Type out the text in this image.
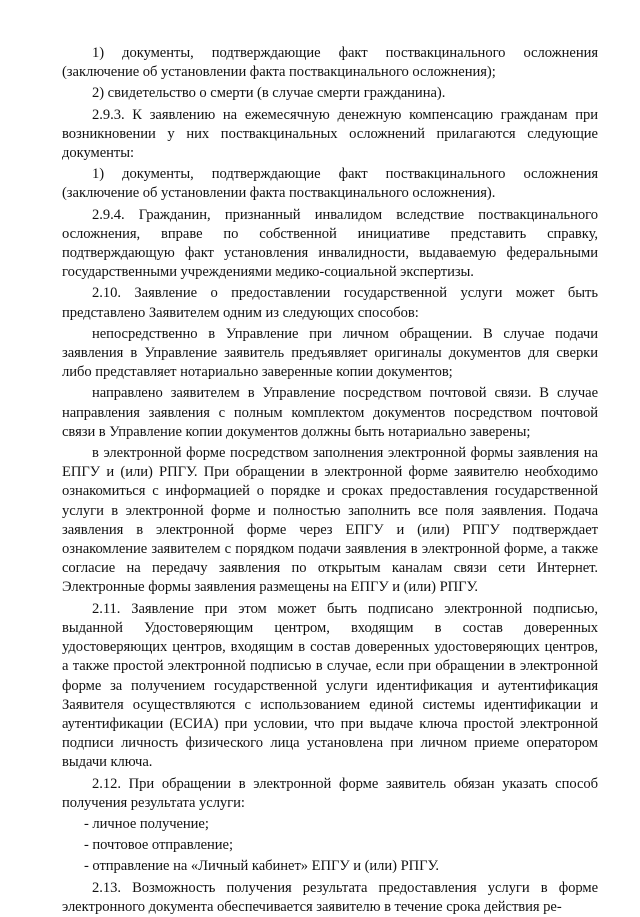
1) документы, подтверждающие факт поствакцинального осложнения (заключение об установлении факта поствакцинального осложнения);

2) свидетельство о смерти (в случае смерти гражданина).

2.9.3. К заявлению на ежемесячную денежную компенсацию гражданам при возникновении у них поствакцинальных осложнений прилагаются следующие документы:

1) документы, подтверждающие факт поствакцинального осложнения (заключение об установлении факта поствакцинального осложнения).

2.9.4. Гражданин, признанный инвалидом вследствие поствакцинального осложнения, вправе по собственной инициативе представить справку, подтверждающую факт установления инвалидности, выдаваемую федеральными государственными учреждениями медико-социальной экспертизы.

2.10. Заявление о предоставлении государственной услуги может быть представлено Заявителем одним из следующих способов:

непосредственно в Управление при личном обращении. В случае подачи заявления в Управление заявитель предъявляет оригиналы документов для сверки либо представляет нотариально заверенные копии документов;

направлено заявителем в Управление посредством почтовой связи. В случае направления заявления с полным комплектом документов посредством почтовой связи в Управление копии документов должны быть нотариально заверены;

в электронной форме посредством заполнения электронной формы заявления на ЕПГУ и (или) РПГУ. При обращении в электронной форме заявителю необходимо ознакомиться с информацией о порядке и сроках предоставления государственной услуги в электронной форме и полностью заполнить все поля заявления. Подача заявления в электронной форме через ЕПГУ и (или) РПГУ подтверждает ознакомление заявителем с порядком подачи заявления в электронной форме, а также согласие на передачу заявления по открытым каналам связи сети Интернет. Электронные формы заявления размещены на ЕПГУ и (или) РПГУ.

2.11. Заявление при этом может быть подписано электронной подписью, выданной Удостоверяющим центром, входящим в состав доверенных удостоверяющих центров, входящим в состав доверенных удостоверяющих центров, а также простой электронной подписью в случае, если при обращении в электронной форме за получением государственной услуги идентификация и аутентификация Заявителя осуществляются с использованием единой системы идентификации и аутентификации (ЕСИА) при условии, что при выдаче ключа простой электронной подписи личность физического лица установлена при личном приеме оператором выдачи ключа.

2.12. При обращении в электронной форме заявитель обязан указать способ получения результата услуги:

- личное получение;

- почтовое отправление;

- отправление на «Личный кабинет» ЕПГУ и (или) РПГУ.

2.13. Возможность получения результата предоставления услуги в форме электронного документа обеспечивается заявителю в течение срока действия ре-
